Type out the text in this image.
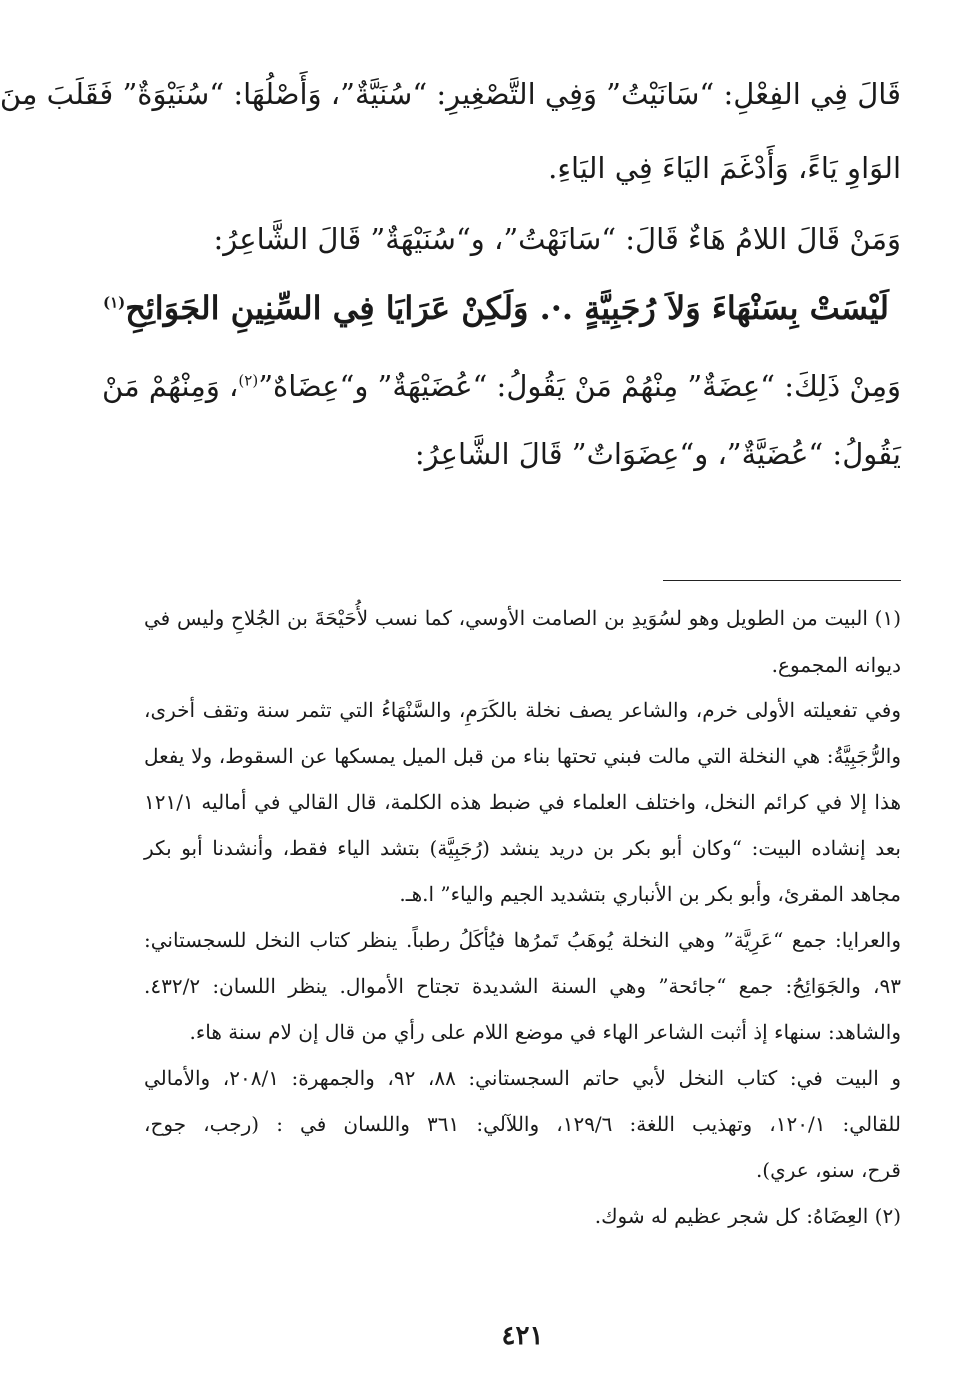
قَالَ فِي الفِعْلِ: “سَانَيْتُ” وَفِي التَّصْغِيرِ: “سُنَيَّةٌ”، وَأَصْلُهَا: “سُنَيْوَةٌ” فَقَلَبَ مِنَ
الوَاوِ يَاءً، وَأَدْغَمَ اليَاءَ فِي اليَاءِ.
وَمَنْ قَالَ اللامُ هَاءٌ قَالَ: “سَانَهْتُ”، و“سُنَيْهَةٌ” قَالَ الشَّاعِرُ:
لَيْسَتْ بِسَنْهَاءَ وَلاَ رُجَبِيَّةٍ .·. وَلَكِنْ عَرَايَا فِي السِّنِينِ الجَوَائِحِ$^{(١)}$
وَمِنْ ذَلِكَ: “عِضَةٌ” مِنْهُمْ مَنْ يَقُولُ: “عُضَيْهَةٌ” و“عِضَاهٌ”$^{(٢)}$، وَمِنْهُمْ مَنْ
يَقُولُ: “عُضَيَّةٌ”، و“عِضَوَاتٌ” قَالَ الشَّاعِرُ:
(١) البيت من الطويل وهو لسُوَيدِ بن الصامت الأوسي، كما نسب لأُحَيْحَةَ بن الجُلاحِ وليس في
ديوانه المجموع.
وفي تفعيلته الأولى خرم، والشاعر يصف نخلة بالكَرَمِ، والسَّنْهَاءُ التي تثمر سنة وتقف أخرى،
والرُّجَبِيَّةُ: هي النخلة التي مالت فبني تحتها بناء من قبل الميل يمسكها عن السقوط، ولا يفعل
هذا إلا في كرائم النخل، واختلف العلماء في ضبط هذه الكلمة، قال القالي في أماليه ١٢١/١
بعد إنشاده البيت: “وكان أبو بكر بن دريد ينشد (رُجَبِيَّة) بتشد الياء فقط، وأنشدنا أبو بكر
مجاهد المقرئ، وأبو بكر بن الأنباري بتشديد الجيم والياء” ا.هـ.
والعرايا: جمع “عَرِيَّة” وهي النخلة يُوهَبُ تَمرُها فيُأكَلُ رطباً. ينظر كتاب النخل للسجستاني:
٩٣، والجَوَائِحُ: جمع “جائحة” وهي السنة الشديدة تجتاح الأموال. ينظر اللسان: ٤٣٢/٢.
والشاهد: سنهاء إذ أثبت الشاعر الهاء في موضع اللام على رأي من قال إن لام سنة هاء.
و البيت في: كتاب النخل لأبي حاتم السجستاني: ٨٨، ٩٢، والجمهرة: ٢٠٨/١، والأمالي
للقالي: ١٢٠/١، وتهذيب اللغة: ١٢٩/٦، واللآلي: ٣٦١ واللسان في : (رجب، جوح،
قرح، سنو، عري).
(٢) العِضَاهُ: كل شجر عظيم له شوك.
٤٢١
